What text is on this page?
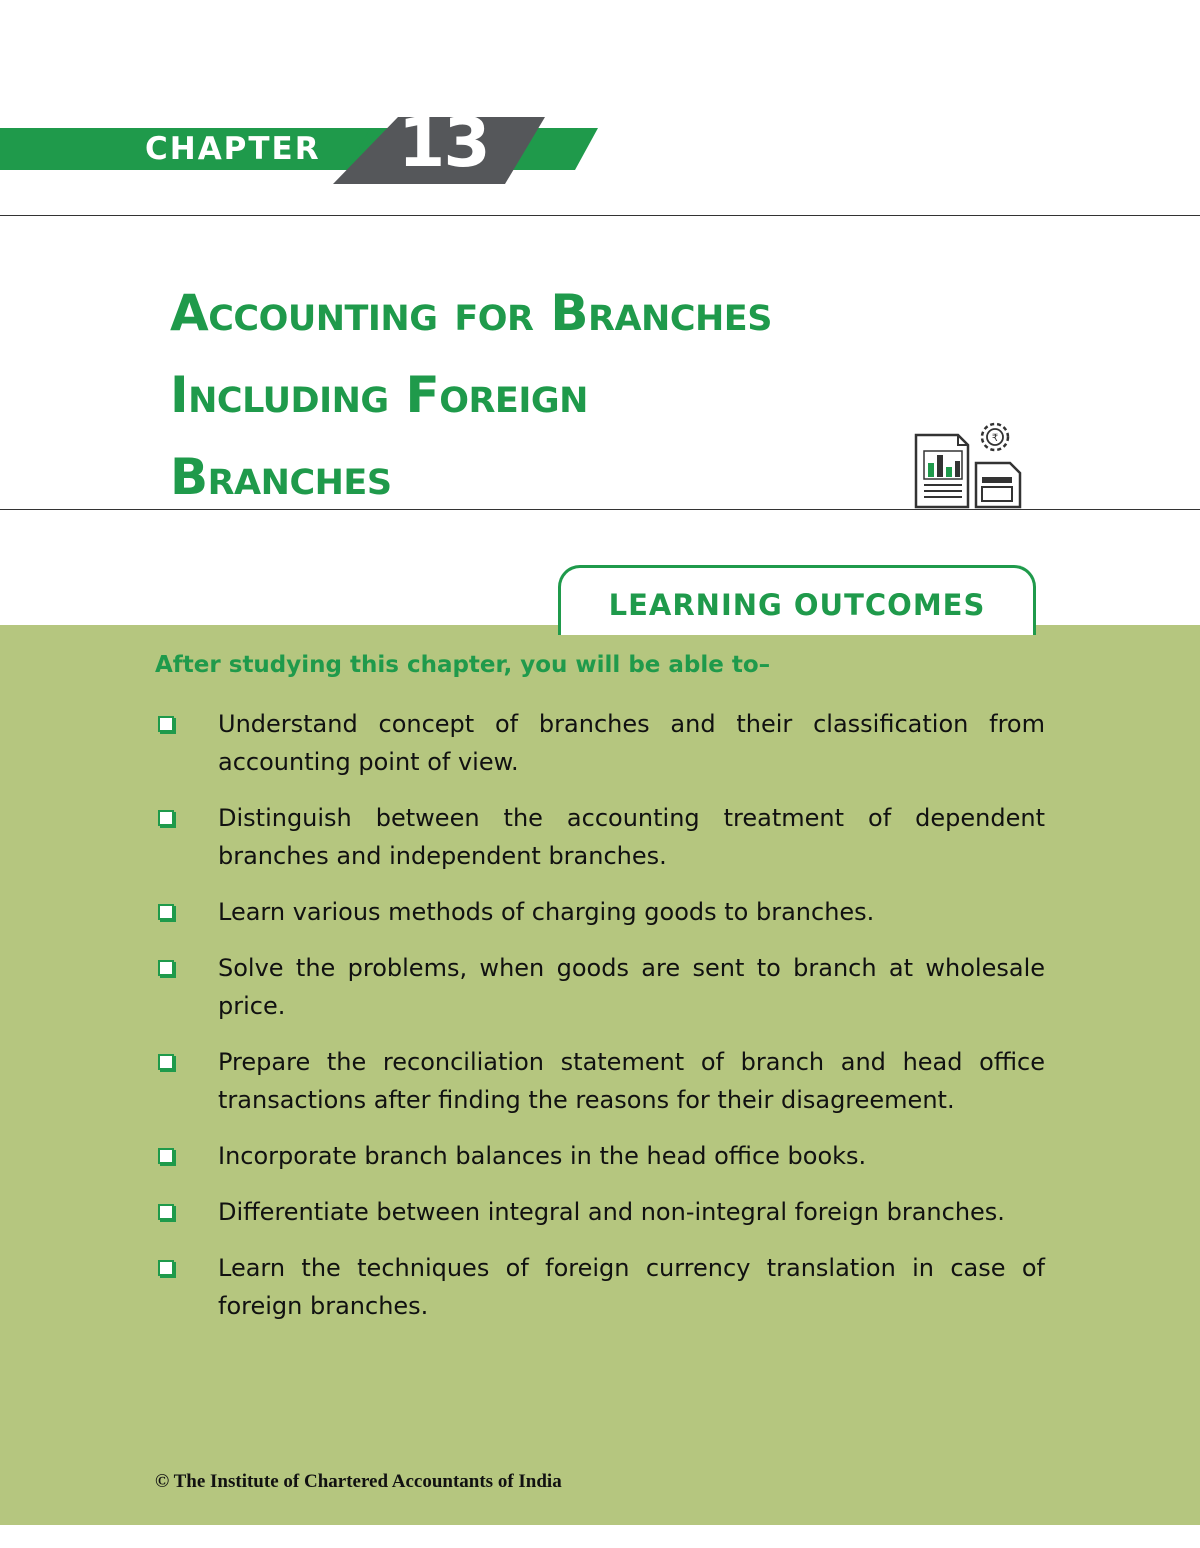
CHAPTER 13
Accounting for Branches
Including Foreign
Branches
₹
LEARNING OUTCOMES
After studying this chapter, you will be able to–
Understand concept of branches and their classification from accounting point of view.
Distinguish between the accounting treatment of dependent branches and independent branches.
Learn various methods of charging goods to branches.
Solve the problems, when goods are sent to branch at wholesale price.
Prepare the reconciliation statement of branch and head office transactions after finding the reasons for their disagreement.
Incorporate branch balances in the head office books.
Differentiate between integral and non-integral foreign branches.
Learn the techniques of foreign currency translation in case of foreign branches.
© The Institute of Chartered Accountants of India
